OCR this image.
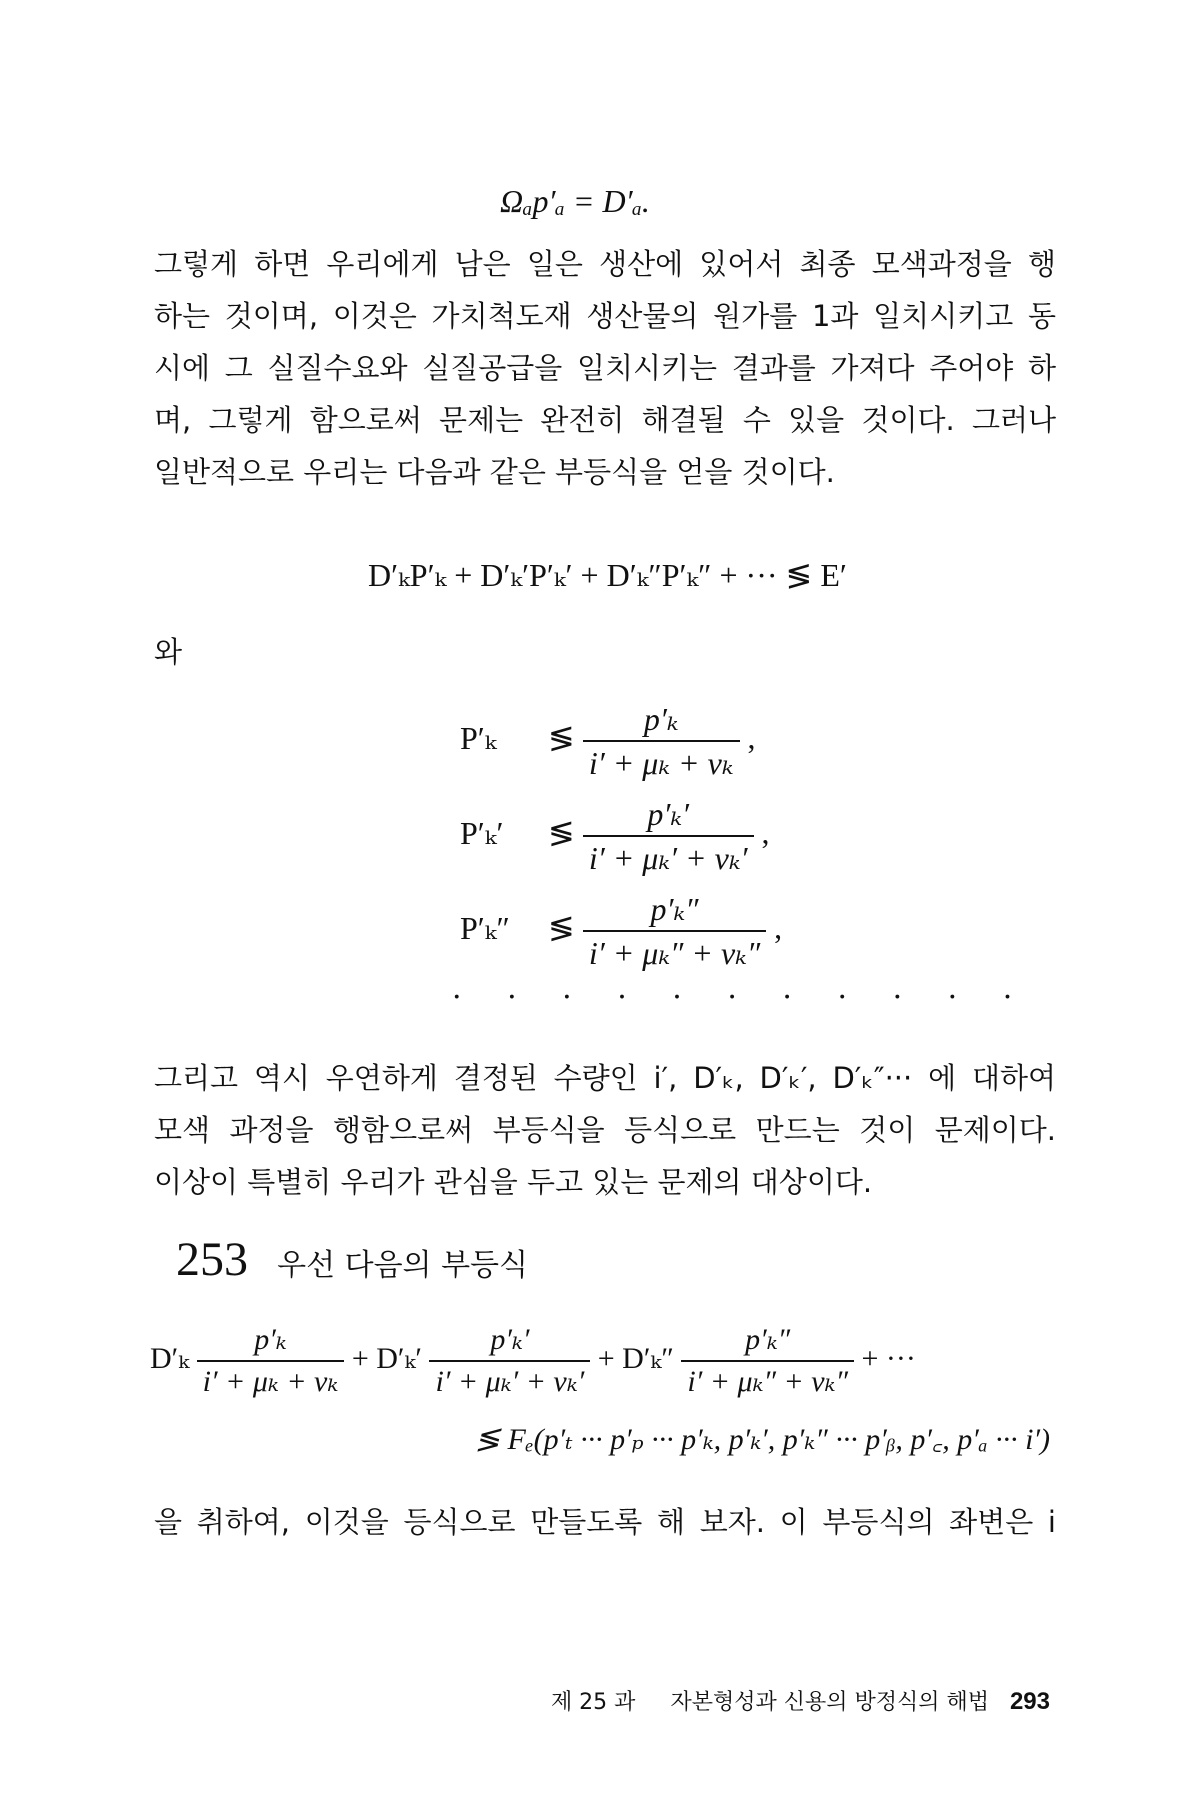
Ωₐp′ₐ = D′ₐ.
그렇게 하면 우리에게 남은 일은 생산에 있어서 최종 모색과정을 행
하는 것이며, 이것은 가치척도재 생산물의 원가를 1과 일치시키고 동
시에 그 실질수요와 실질공급을 일치시키는 결과를 가져다 주어야 하
며, 그렇게 함으로써 문제는 완전히 해결될 수 있을 것이다. 그러나
일반적으로 우리는 다음과 같은 부등식을 얻을 것이다.
D′ₖP′ₖ + D′ₖ′P′ₖ′ + D′ₖ″P′ₖ″ + ··· ≶ E′
와
P′ₖ ≶ $\frac{\text{p′ₖ}}{\text{i′ + μₖ + νₖ}}$ ,
P′ₖ′ ≶ $\frac{\text{p′ₖ′}}{\text{i′ + μₖ′ + νₖ′}}$ ,
P′ₖ″ ≶ $\frac{\text{p′ₖ″}}{\text{i′ + μₖ″ + νₖ″}}$ ,
· · · · · · · · · · ·
그리고 역시 우연하게 결정된 수량인 i′, D′ₖ, D′ₖ′, D′ₖ″··· 에 대하여
모색 과정을 행함으로써 부등식을 등식으로 만드는 것이 문제이다.
이상이 특별히 우리가 관심을 두고 있는 문제의 대상이다.
253 우선 다음의 부등식
$D'_k \frac{\text{p′ₖ}}{\text{i′ + μₖ + νₖ}} + D'_k' \frac{\text{p′ₖ′}}{\text{i′ + μₖ′ + νₖ′}} + D'_k'' \frac{\text{p′ₖ″}}{\text{i′ + μₖ″ + νₖ″}}$ + ···
≶ Fₑ(p′ₜ ··· p′ₚ ··· p′ₖ, p′ₖ′, p′ₖ″ ··· p′ᵦ, p′꜀, p′ₐ ··· i′)
을 취하여, 이것을 등식으로 만들도록 해 보자. 이 부등식의 좌변은 i
제 25 과 자본형성과 신용의 방정식의 해법 293
